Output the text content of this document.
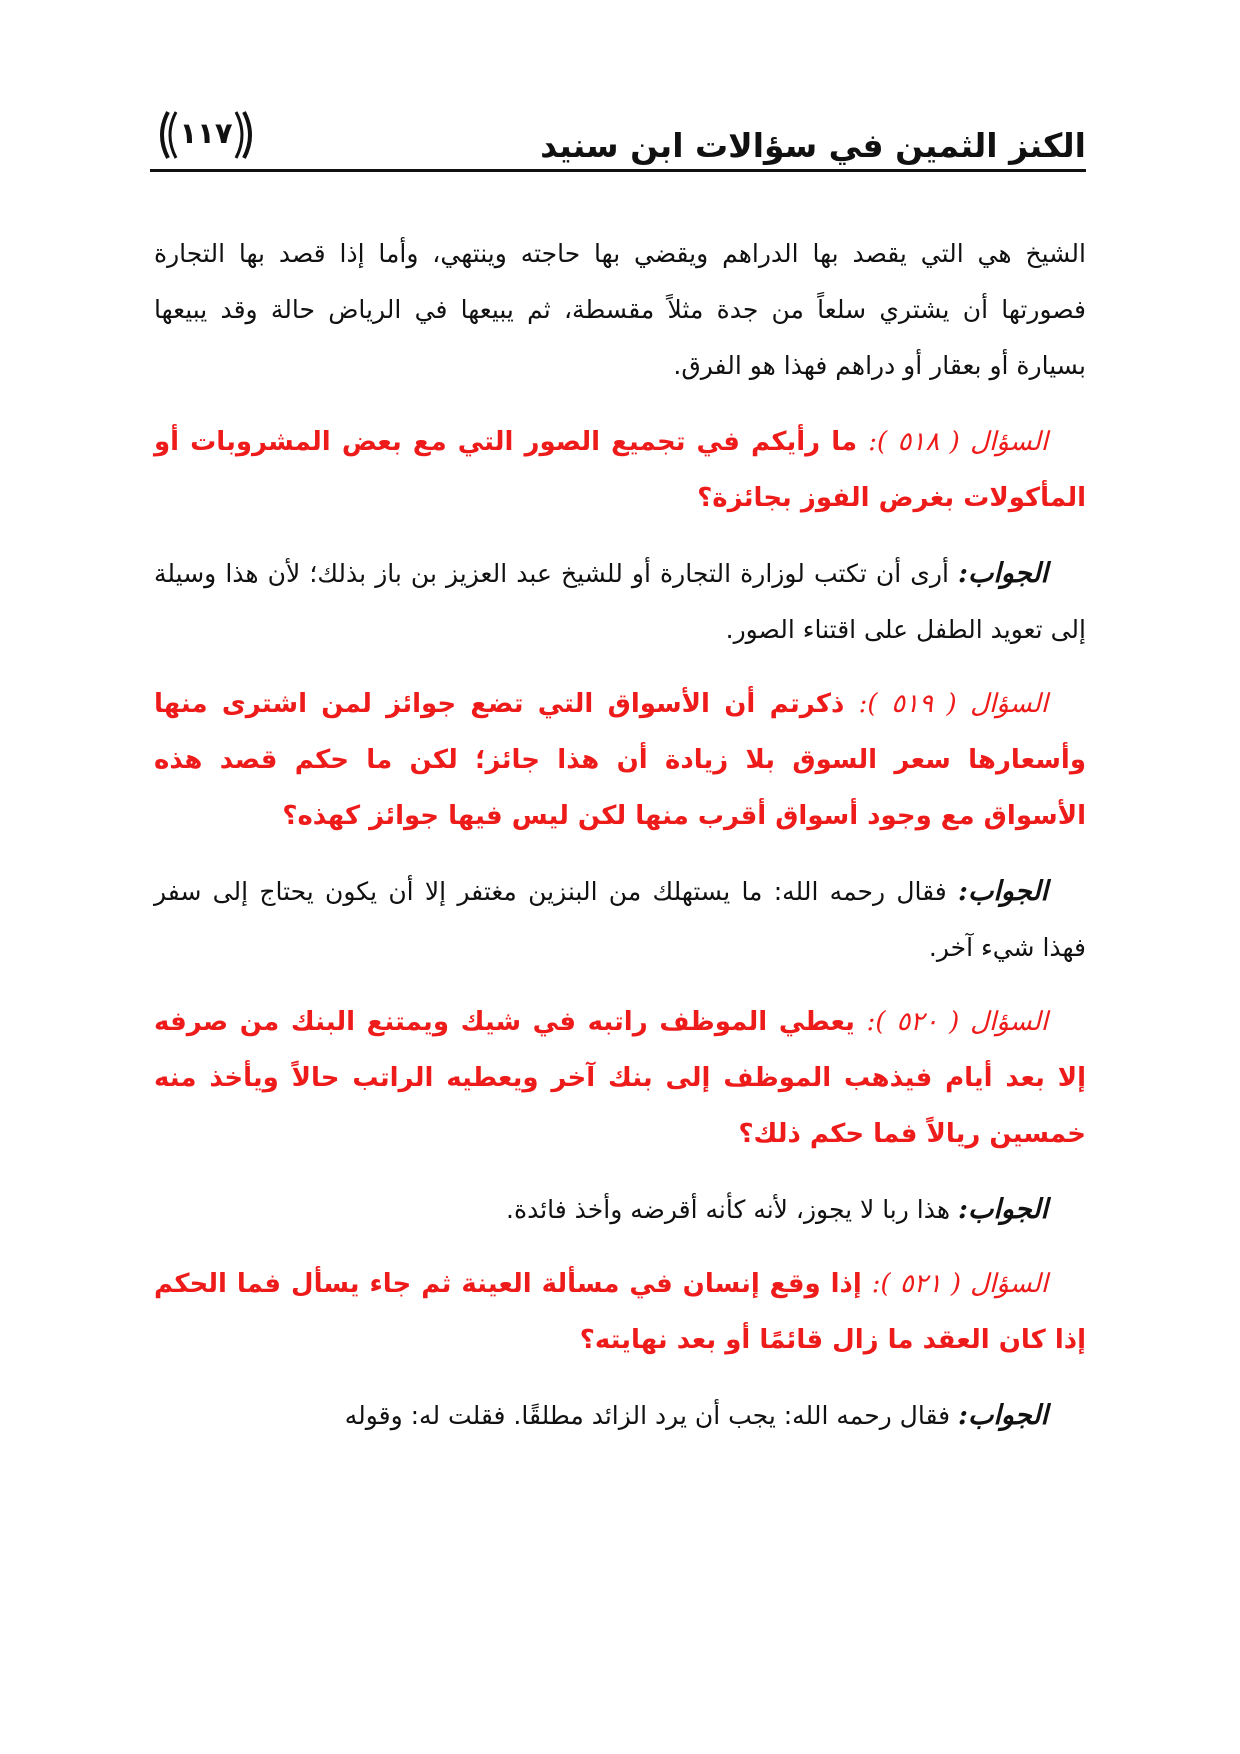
الكنز الثمين في سؤالات ابن سنيد
١١٧

الشيخ هي التي يقصد بها الدراهم ويقضي بها حاجته وينتهي، وأما إذا قصد بها التجارة فصورتها أن يشتري سلعاً من جدة مثلاً مقسطة، ثم يبيعها في الرياض حالة وقد يبيعها بسيارة أو بعقار أو دراهم فهذا هو الفرق.

السؤال ( ٥١٨ ): ما رأيكم في تجميع الصور التي مع بعض المشروبات أو المأكولات بغرض الفوز بجائزة؟

الجواب: أرى أن تكتب لوزارة التجارة أو للشيخ عبد العزيز بن باز بذلك؛ لأن هذا وسيلة إلى تعويد الطفل على اقتناء الصور.

السؤال ( ٥١٩ ): ذكرتم أن الأسواق التي تضع جوائز لمن اشترى منها وأسعارها سعر السوق بلا زيادة أن هذا جائز؛ لكن ما حكم قصد هذه الأسواق مع وجود أسواق أقرب منها لكن ليس فيها جوائز كهذه؟

الجواب: فقال رحمه الله: ما يستهلك من البنزين مغتفر إلا أن يكون يحتاج إلى سفر فهذا شيء آخر.

السؤال ( ٥٢٠ ): يعطي الموظف راتبه في شيك ويمتنع البنك من صرفه إلا بعد أيام فيذهب الموظف إلى بنك آخر ويعطيه الراتب حالاً ويأخذ منه خمسين ريالاً فما حكم ذلك؟

الجواب: هذا ربا لا يجوز، لأنه كأنه أقرضه وأخذ فائدة.

السؤال ( ٥٢١ ): إذا وقع إنسان في مسألة العينة ثم جاء يسأل فما الحكم إذا كان العقد ما زال قائمًا أو بعد نهايته؟

الجواب: فقال رحمه الله: يجب أن يرد الزائد مطلقًا. فقلت له: وقوله
